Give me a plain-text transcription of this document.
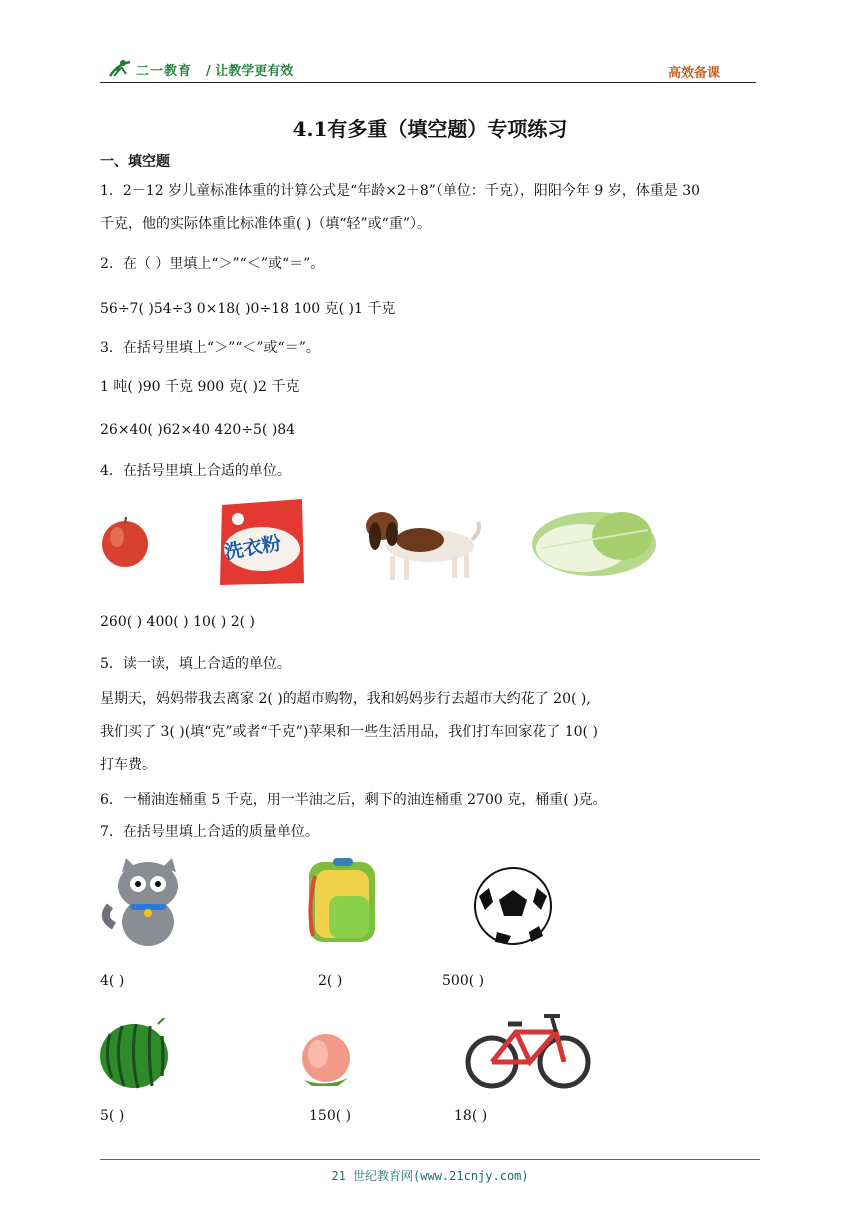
二一教育 / 让教学更有效	高效备课
4.1有多重（填空题）专项练习
一、填空题
1．2－12 岁儿童标准体重的计算公式是“年龄×2＋8”（单位：千克），阳阳今年 9 岁，体重是 30
千克，他的实际体重比标准体重( )（填“轻”或“重”）。
2．在（ ）里填上“＞”“＜”或“＝”。
56÷7( )54÷3 0×18( )0÷18 100 克( )1 千克
3．在括号里填上“＞”“＜”或“＝”。
1 吨( )90 千克 900 克( )2 千克
26×40( )62×40 420÷5( )84
4．在括号里填上合适的单位。
洗衣粉
260( ) 400( ) 10( ) 2( )
5．读一读，填上合适的单位。
星期天，妈妈带我去离家 2( )的超市购物，我和妈妈步行去超市大约花了 20( ),
我们买了 3( )(填“克”或者“千克”)苹果和一些生活用品，我们打车回家花了 10( )
打车费。
6．一桶油连桶重 5 千克，用一半油之后，剩下的油连桶重 2700 克，桶重( )克。
7．在括号里填上合适的质量单位。
4( )	2( )	500( )
5( )	150( )	18( )
21 世纪教育网(www.21cnjy.com)
